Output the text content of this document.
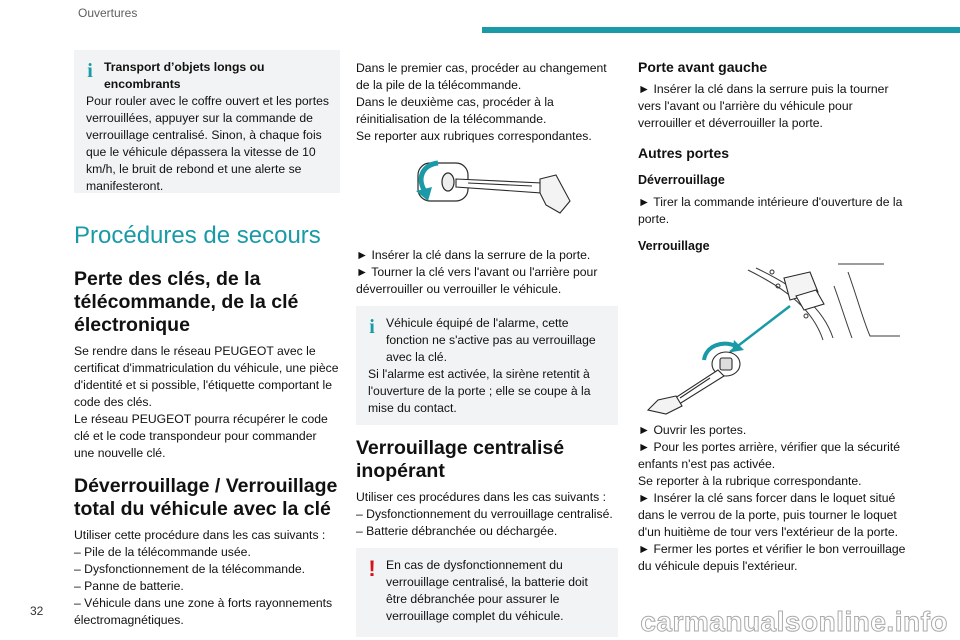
Ouvertures
i Transport d’objets longs ou encombrants

Pour rouler avec le coffre ouvert et les portes verrouillées, appuyer sur la commande de verrouillage centralisé. Sinon, à chaque fois que le véhicule dépassera la vitesse de 10 km/h, le bruit de rebond et une alerte se manifesteront.

Procédures de secours
Perte des clés, de la télécommande, de la clé électronique

Se rendre dans le réseau PEUGEOT avec le certificat d'immatriculation du véhicule, une pièce d'identité et si possible, l'étiquette comportant le code des clés.

Le réseau PEUGEOT pourra récupérer le code clé et le code transpondeur pour commander une nouvelle clé.

Déverrouillage / Verrouillage total du véhicule avec la clé

Utiliser cette procédure dans les cas suivants :

– Pile de la télécommande usée.

– Dysfonctionnement de la télécommande.

– Panne de batterie.

– Véhicule dans une zone à forts rayonnements électromagnétiques.

Dans le premier cas, procéder au changement de la pile de la télécommande.

Dans le deuxième cas, procéder à la réinitialisation de la télécommande.

Se reporter aux rubriques correspondantes.

► Insérer la clé dans la serrure de la porte.

► Tourner la clé vers l'avant ou l'arrière pour déverrouiller ou verrouiller le véhicule.

i Véhicule équipé de l'alarme, cette fonction ne s'active pas au verrouillage avec la clé.

Si l'alarme est activée, la sirène retentit à l'ouverture de la porte ; elle se coupe à la mise du contact.

Verrouillage centralisé inopérant

Utiliser ces procédures dans les cas suivants :

– Dysfonctionnement du verrouillage centralisé.

– Batterie débranchée ou déchargée.

! En cas de dysfonctionnement du verrouillage centralisé, la batterie doit être débranchée pour assurer le verrouillage complet du véhicule.

Porte avant gauche

► Insérer la clé dans la serrure puis la tourner vers l'avant ou l'arrière du véhicule pour verrouiller et déverrouiller la porte.

Autres portes
Déverrouillage

► Tirer la commande intérieure d'ouverture de la porte.

Verrouillage

► Ouvrir les portes.

► Pour les portes arrière, vérifier que la sécurité enfants n'est pas activée.

Se reporter à la rubrique correspondante.

► Insérer la clé sans forcer dans le loquet situé dans le verrou de la porte, puis tourner le loquet d'un huitième de tour vers l'extérieur de la porte.

► Fermer les portes et vérifier le bon verrouillage du véhicule depuis l'extérieur.

32	carmanualsonline.info
